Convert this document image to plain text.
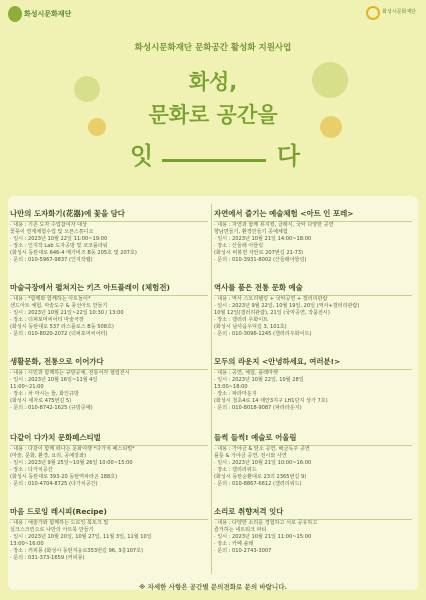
화성시문화재단	화성시문화재단
화성시문화재단 문화공간 활성화 지원사업
화성,
문화로 공간을
잇	다
나만의 도자화기(花器)에 꽃을 담다
· 내용 : 기존 도자 수업참여자 대상
꽃꽂이 연계체험수업 및 오픈스튜디오
· 일시 : 2023년 10월 22일 11:00~19:00
· 장소 : 인지작 Lab 도자공방 및 코코플라워
(화성시 동탄대로 646-4 메가비즈 B동 205호 및 207호)
· 문의 : 010-5967-9837 (인지작랩)
마술극장에서 펼쳐지는 키즈 아트플레이 (체험전)
· 내용 : *함께와 함께하는 아트놀이*
샌드아트 체험, 마술도구 & 풍선아트 만들기
· 일시 : 2023년 10월 21일~22일 10:30 / 13:00
· 장소 : 더퍼포머씨어터 마술극장
(화성시 동탄대로 537 라스플로스 B동 508호)
· 문의 : 010-8020-2072 (더퍼포머씨어터)
생활문화, 전통으로 이어가다
· 내용 : 시민과 함께하는 규방공예, 전통서각 협업전시
· 일시 : 2023년 10월 16일~11월 4일
11:00~21:00
· 장소 : 차 마시는 뜰, 화인규방
(화성시 세자로 475번길 5)
· 문의 : 010-8742-1625 (규방공예)
다같이 다가치 문화페스티벌
· 내용 : 다같이 함께 떠나는 문화여행 *다가치 페스티벌*
(마술, 문화, 환경, 요리, 공예강좌)
· 일시 : 2023년 9월 25일~10월 26일 10:00~15:00
· 장소 : 다가치공간
(화성시 동탄대로 393-20 동탄역파라곤 188호)
· 문의 : 010-4704-8725 (다가치공간)
마음 드로잉 레시피(Recipe)
· 내용 : 예술가와 함께하는 드로잉 북토크 및
실크스크린으로 나만의 아트북 만들기
· 일시 : 2023년 10월 20일, 10월 27일, 11월 3일, 11월 10일
13:00~16:00
· 장소 : 커피몽 (화성시 동탄지웅로353번길 96, 3층107호)
· 문의 : 031-373-1659 (커피몽)
자연에서 즐기는 예술체험 <아트 인 포레>
· 내용 : 자연과 함께 뮤지컬, 클래식, 국악 다양한 공연
향남면들기, 환경만들기 공예체험
· 일시 : 2023년 10월 21일 14:00~18:00
· 장소 : 산들래 아뜰링
(화성시 비봉면 자안로 207번길 21-73)
· 문의 : 010-3931-8002 (산들래아뜰링)
역사를 품은 전통 문화 예술
· 내용 : 역사 스토리텔링 + 국악공연 + 갤러리관람
· 일시 : 2023년 9월 22일, 10월 19일, 20일 (역사+갤러리관람)
10월 12일(갤러리관람), 21일 (국악공연, 작품전시)
· 장소 : 갤러리 우화이트
(화성시 남사읍우덕길 3, 101호)
· 문의 : 010-3096-1245 (갤러리우화이트)
모두의 라운지 <안녕하세요, 여러분!>
· 내용 : 공연, 체험, 플레마켓
· 일시 : 2023년 10월 22일, 10월 28일
13:00~18:00
· 장소 : 파라마운지
(화성시 청초4로 14 태안3지구 LH1단지 상가 7호)
· 문의 : 010-8018-9087 (파라라운지)
들썩 들썩! 예술로 어울림
· 내용 : 가야금 & 탄소 공연, 해금독주 공연
플룻 & 가야금 공연, 전시와 사연
· 일시 : 2023년 10월 21일 10:00~16:00
· 장소 : 갤러리위드
(화성시 동탄순환대로 23의 2365번길 9)
· 문의 : 010-8867-6612 (갤러리위드)
소리로 취향저격 잇다
· 내용 : 다양한 소리를 경험하고 서로 공유하고
즐겨하는 네트워크 파티
· 일시 : 2023년 10월 21일 11:00~15:00
· 장소 : 카페 솔레
· 문의 : 010-2743-3007
※ 자세한 사항은 공간별 문의전화로 문의 바랍니다.
